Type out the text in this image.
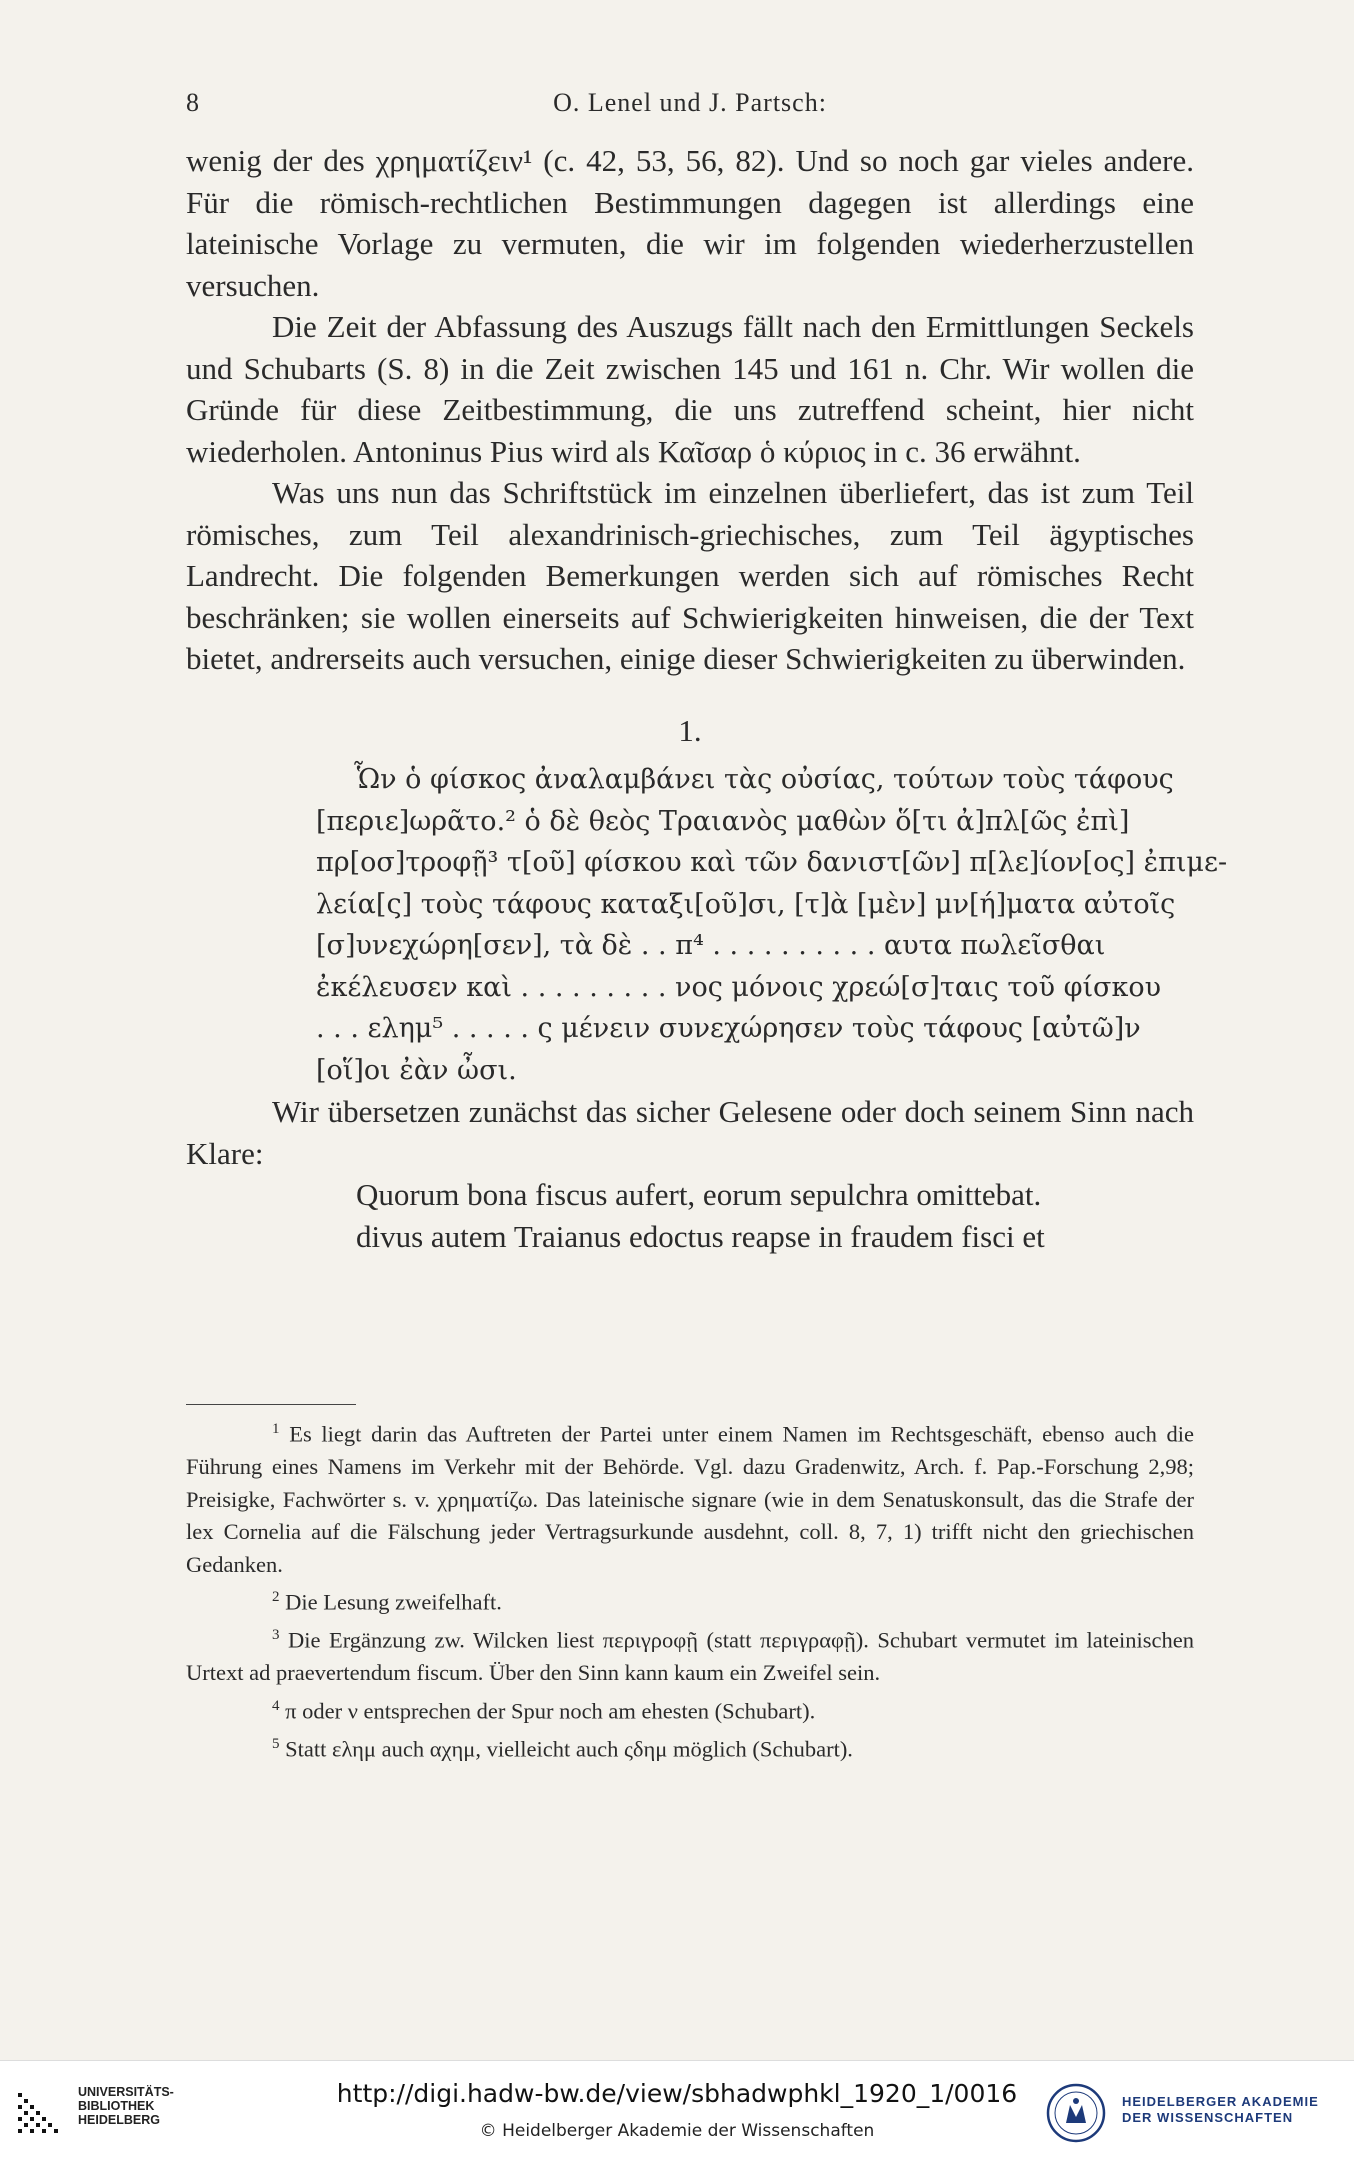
8	O. Lenel und J. Partsch:

wenig der des χρηματίζειν¹ (c. 42, 53, 56, 82). Und so noch gar vieles andere. Für die römisch-rechtlichen Bestimmungen dagegen ist allerdings eine lateinische Vorlage zu vermuten, die wir im folgenden wiederherzustellen versuchen.

Die Zeit der Abfassung des Auszugs fällt nach den Ermittlungen Seckels und Schubarts (S. 8) in die Zeit zwischen 145 und 161 n. Chr. Wir wollen die Gründe für diese Zeitbestimmung, die uns zutreffend scheint, hier nicht wiederholen. Antoninus Pius wird als Καῖσαρ ὁ κύριος in c. 36 erwähnt.

Was uns nun das Schriftstück im einzelnen überliefert, das ist zum Teil römisches, zum Teil alexandrinisch-griechisches, zum Teil ägyptisches Landrecht. Die folgenden Bemerkungen werden sich auf römisches Recht beschränken; sie wollen einerseits auf Schwierigkeiten hinweisen, die der Text bietet, andrerseits auch versuchen, einige dieser Schwierigkeiten zu überwinden.

1.

Ὧν ὁ φίσκος ἀναλαμβάνει τὰς οὐσίας, τούτων τοὺς τάφους
[περιε]ωρᾶτο.² ὁ δὲ θεὸς Τραιανὸς μαθὼν ὅ[τι ἀ]πλ[ῶς ἐπὶ]
πρ[οσ]τροφῇ³ τ[οῦ] φίσκου καὶ τῶν δανιστ[ῶν] π[λε]ίον[ος] ἐπιμε-
λεία[ς] τοὺς τάφους καταξι[οῦ]σι, [τ]ὰ [μὲν] μν[ή]ματα αὐτοῖς
[σ]υνεχώρη[σεν], τὰ δὲ . . π⁴ . . . . . . . . . . αυτα πωλεῖσθαι
ἐκέλευσεν καὶ . . . . . . . . . νος μόνοις χρεώ[σ]ταις τοῦ φίσκου
. . . ελημ⁵ . . . . . ς μένειν συνεχώρησεν τοὺς τάφους [αὐτῶ]ν
[οἵ]οι ἐὰν ὦσι.

Wir übersetzen zunächst das sicher Gelesene oder doch seinem Sinn nach Klare:

Quorum bona fiscus aufert, eorum sepulchra omittebat.
divus autem Traianus edoctus reapse in fraudem fisci et

$^1$ Es liegt darin das Auftreten der Partei unter einem Namen im Rechtsgeschäft, ebenso auch die Führung eines Namens im Verkehr mit der Behörde. Vgl. dazu Gradenwitz, Arch. f. Pap.-Forschung 2,98; Preisigke, Fachwörter s. v. χρηματίζω. Das lateinische signare (wie in dem Senatuskonsult, das die Strafe der lex Cornelia auf die Fälschung jeder Vertragsurkunde ausdehnt, coll. 8, 7, 1) trifft nicht den griechischen Gedanken.

$^2$ Die Lesung zweifelhaft.

$^3$ Die Ergänzung zw. Wilcken liest περιγροφῇ (statt περιγραφῇ). Schubart vermutet im lateinischen Urtext ad praevertendum fiscum. Über den Sinn kann kaum ein Zweifel sein.

$^4$ π oder ν entsprechen der Spur noch am ehesten (Schubart).

$^5$ Statt ελημ auch αχημ, vielleicht auch ςδημ möglich (Schubart).

UNIVERSITÄTS-
BIBLIOTHEK
HEIDELBERG
http://digi.hadw-bw.de/view/sbhadwphkl_1920_1/0016
© Heidelberger Akademie der Wissenschaften
HEIDELBERGER AKADEMIE
DER WISSENSCHAFTEN
